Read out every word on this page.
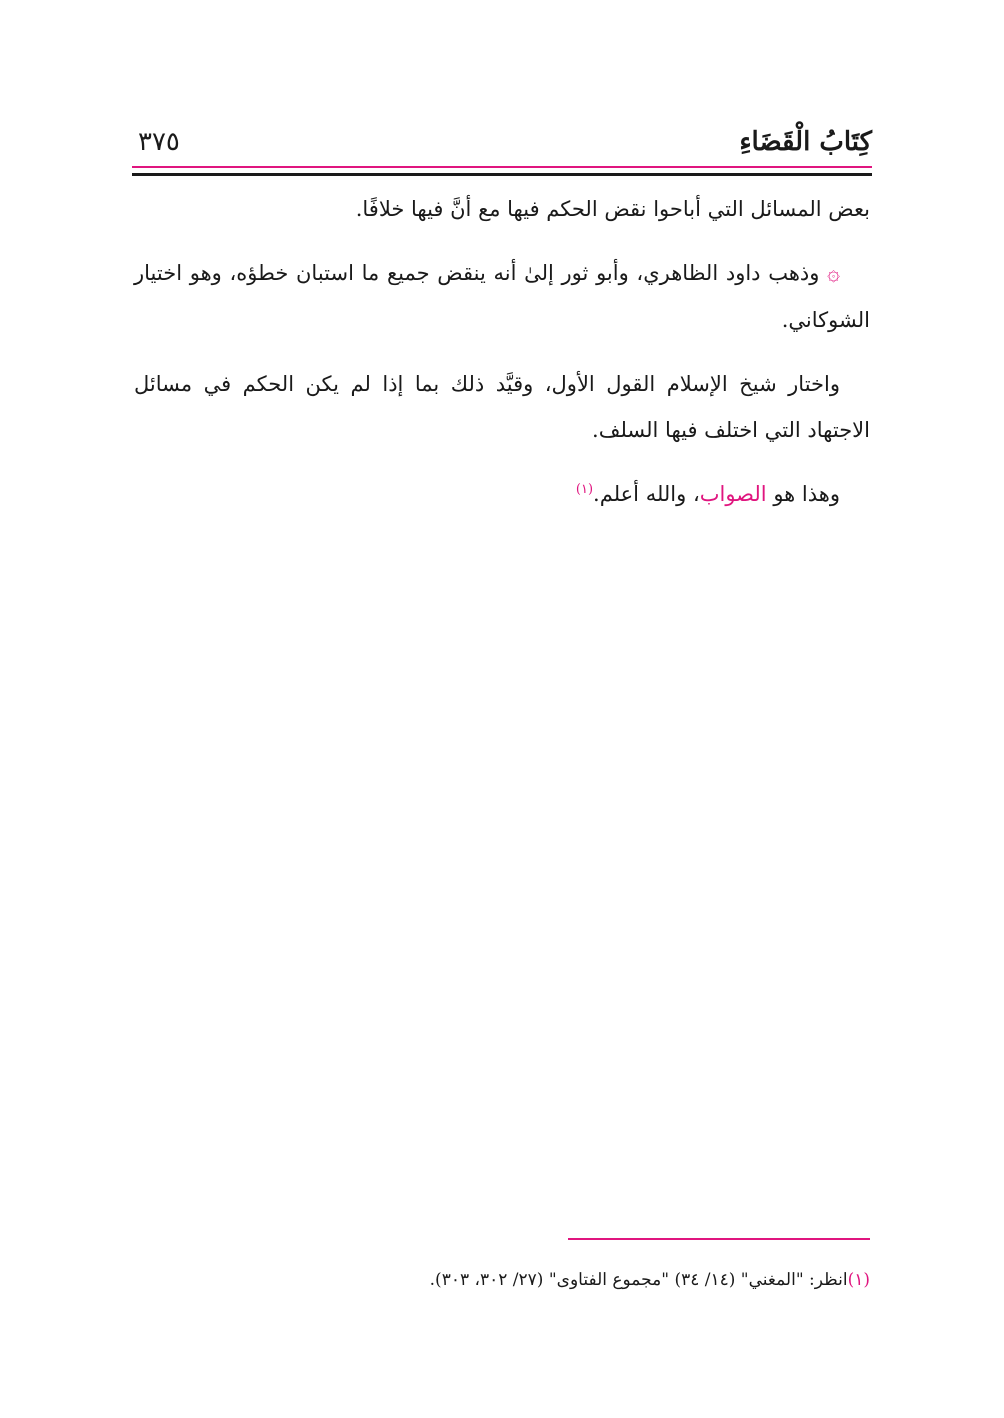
كِتَابُ الْقَضَاءِ
٣٧٥

بعض المسائل التي أباحوا نقض الحكم فيها مع أنَّ فيها خلافًا.

۞ وذهب داود الظاهري، وأبو ثور إلىٰ أنه ينقض جميع ما استبان خطؤه، وهو اختيار الشوكاني.

واختار شيخ الإسلام القول الأول، وقيَّد ذلك بما إذا لم يكن الحكم في مسائل الاجتهاد التي اختلف فيها السلف.

وهذا هو الصواب، والله أعلم.$^{(١)}$

(١)انظر: "المغني" (١٤/ ٣٤) "مجموع الفتاوى" (٢٧/ ٣٠٢، ٣٠٣).
